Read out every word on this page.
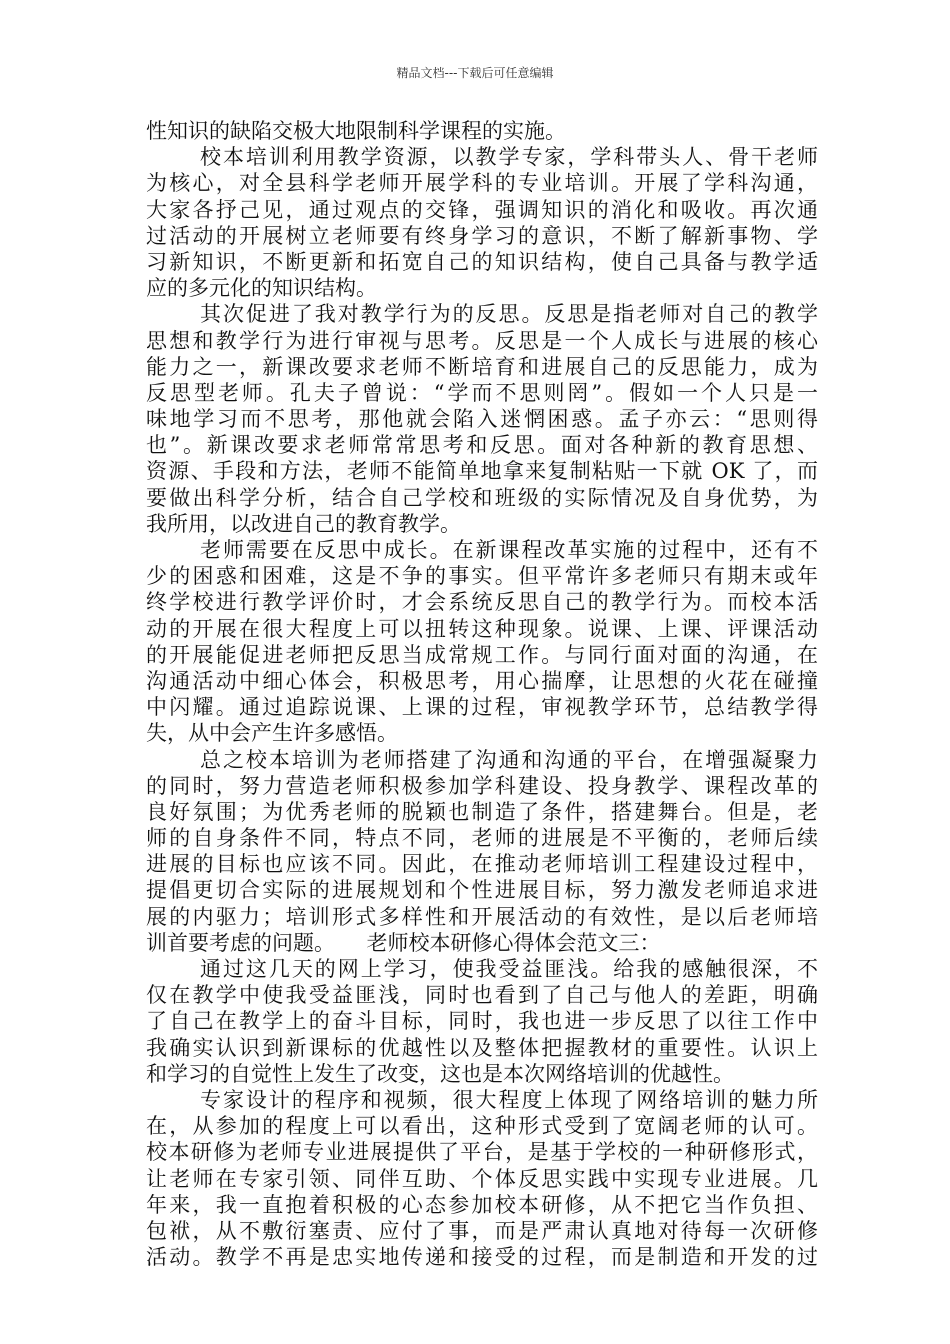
精品文档---下载后可任意编辑
性知识的缺陷交极大地限制科学课程的实施。
校本培训利用教学资源，以教学专家，学科带头人、骨干老师
为核心，对全县科学老师开展学科的专业培训。开展了学科沟通，
大家各抒己见，通过观点的交锋，强调知识的消化和吸收。再次通
过活动的开展树立老师要有终身学习的意识，不断了解新事物、学
习新知识，不断更新和拓宽自己的知识结构，使自己具备与教学适
应的多元化的知识结构。
其次促进了我对教学行为的反思。反思是指老师对自己的教学
思想和教学行为进行审视与思考。反思是一个人成长与进展的核心
能力之一，新课改要求老师不断培育和进展自己的反思能力，成为
反思型老师。孔夫子曾说：“学而不思则罔”。假如一个人只是一
味地学习而不思考，那他就会陷入迷惘困惑。孟子亦云：“思则得
也”。新课改要求老师常常思考和反思。面对各种新的教育思想、
资源、手段和方法，老师不能简单地拿来复制粘贴一下就 OK 了，而
要做出科学分析，结合自己学校和班级的实际情况及自身优势，为
我所用，以改进自己的教育教学。
老师需要在反思中成长。在新课程改革实施的过程中，还有不
少的困惑和困难，这是不争的事实。但平常许多老师只有期末或年
终学校进行教学评价时，才会系统反思自己的教学行为。而校本活
动的开展在很大程度上可以扭转这种现象。说课、上课、评课活动
的开展能促进老师把反思当成常规工作。与同行面对面的沟通，在
沟通活动中细心体会，积极思考，用心揣摩，让思想的火花在碰撞
中闪耀。通过追踪说课、上课的过程，审视教学环节，总结教学得
失，从中会产生许多感悟。
总之校本培训为老师搭建了沟通和沟通的平台，在增强凝聚力
的同时，努力营造老师积极参加学科建设、投身教学、课程改革的
良好氛围；为优秀老师的脱颖也制造了条件，搭建舞台。但是，老
师的自身条件不同，特点不同，老师的进展是不平衡的，老师后续
进展的目标也应该不同。因此，在推动老师培训工程建设过程中，
提倡更切合实际的进展规划和个性进展目标，努力激发老师追求进
展的内驱力；培训形式多样性和开展活动的有效性，是以后老师培
训首要考虑的问题。　　老师校本研修心得体会范文三：
通过这几天的网上学习，使我受益匪浅。给我的感触很深，不
仅在教学中使我受益匪浅，同时也看到了自己与他人的差距，明确
了自己在教学上的奋斗目标，同时，我也进一步反思了以往工作中
我确实认识到新课标的优越性以及整体把握教材的重要性。认识上
和学习的自觉性上发生了改变，这也是本次网络培训的优越性。
专家设计的程序和视频，很大程度上体现了网络培训的魅力所
在，从参加的程度上可以看出，这种形式受到了宽阔老师的认可。
校本研修为老师专业进展提供了平台，是基于学校的一种研修形式，
让老师在专家引领、同伴互助、个体反思实践中实现专业进展。几
年来，我一直抱着积极的心态参加校本研修，从不把它当作负担、
包袱，从不敷衍塞责、应付了事，而是严肃认真地对待每一次研修
活动。教学不再是忠实地传递和接受的过程，而是制造和开发的过
